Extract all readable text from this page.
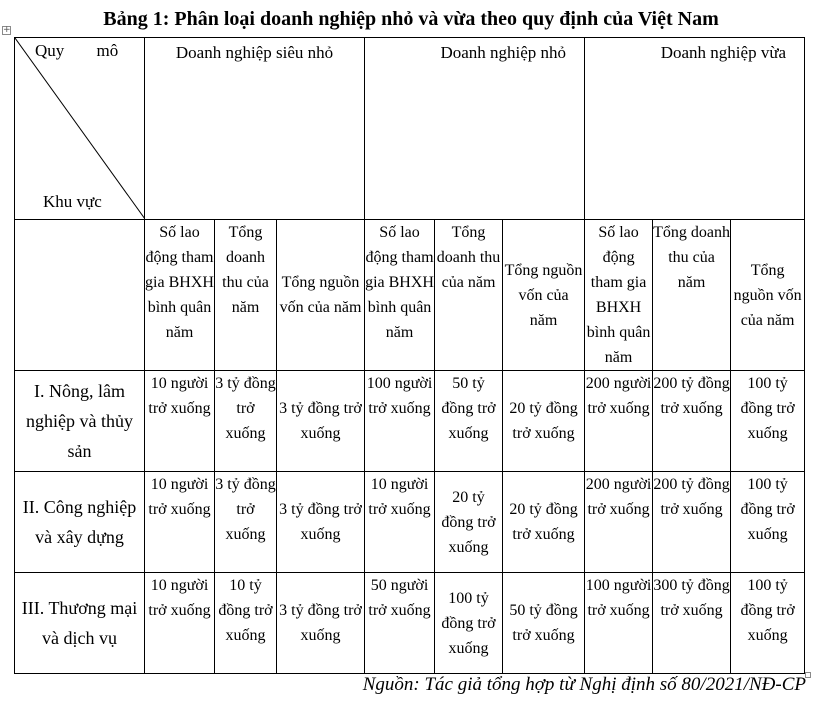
Bảng 1: Phân loại doanh nghiệp nhỏ và vừa theo quy định của Việt Nam
+
Quy mô
Khu vực	Doanh nghiệp siêu nhỏ			Doanh nghiệp nhỏ			Doanh nghiệp vừa		
	Số lao động tham gia BHXH bình quân năm	Tổng doanh thu của năm	Tổng nguồn vốn của năm	Số lao động tham gia BHXH bình quân năm	Tổng doanh thu của năm	Tổng nguồn vốn của năm	Số lao động tham gia BHXH bình quân năm	Tổng doanh thu của năm	Tổng nguồn vốn của năm
I. Nông, lâm nghiệp và thủy sản	10 người trở xuống	3 tỷ đồng trở xuống	3 tỷ đồng trở xuống	100 người trở xuống	50 tỷ đồng trở xuống	20 tỷ đồng trở xuống	200 người trở xuống	200 tỷ đồng trở xuống	100 tỷ đồng trở xuống
II. Công nghiệp và xây dựng	10 người trở xuống	3 tỷ đồng trở xuống	3 tỷ đồng trở xuống	10 người trở xuống	20 tỷ đồng trở xuống	20 tỷ đồng trở xuống	200 người trở xuống	200 tỷ đồng trở xuống	100 tỷ đồng trở xuống
III. Thương mại và dịch vụ	10 người trở xuống	10 tỷ đồng trở xuống	3 tỷ đồng trở xuống	50 người trở xuống	100 tỷ đồng trở xuống	50 tỷ đồng trở xuống	100 người trở xuống	300 tỷ đồng trở xuống	100 tỷ đồng trở xuống
Nguồn: Tác giả tổng hợp từ Nghị định số 80/2021/NĐ-CP
